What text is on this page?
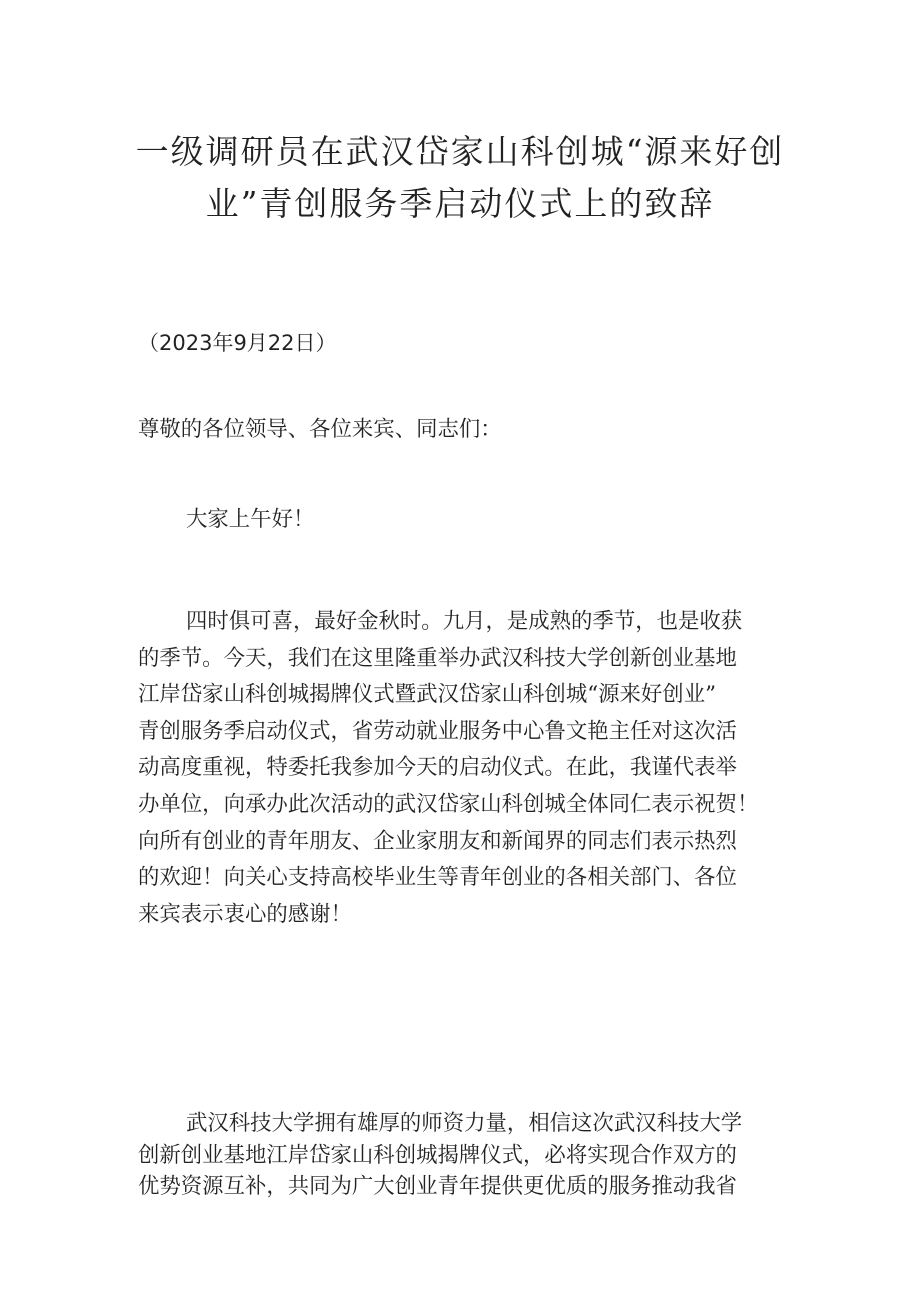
一级调研员在武汉岱家山科创城“源来好创
业”青创服务季启动仪式上的致辞
（2023年9月22日）
尊敬的各位领导、各位来宾、同志们：
大家上午好！
四时俱可喜，最好金秋时。九月，是成熟的季节，也是收获
的季节。今天，我们在这里隆重举办武汉科技大学创新创业基地
江岸岱家山科创城揭牌仪式暨武汉岱家山科创城“源来好创业”
青创服务季启动仪式，省劳动就业服务中心鲁文艳主任对这次活
动高度重视，特委托我参加今天的启动仪式。在此，我谨代表举
办单位，向承办此次活动的武汉岱家山科创城全体同仁表示祝贺！
向所有创业的青年朋友、企业家朋友和新闻界的同志们表示热烈
的欢迎！向关心支持高校毕业生等青年创业的各相关部门、各位
来宾表示衷心的感谢！
武汉科技大学拥有雄厚的师资力量，相信这次武汉科技大学
创新创业基地江岸岱家山科创城揭牌仪式，必将实现合作双方的
优势资源互补，共同为广大创业青年提供更优质的服务推动我省
